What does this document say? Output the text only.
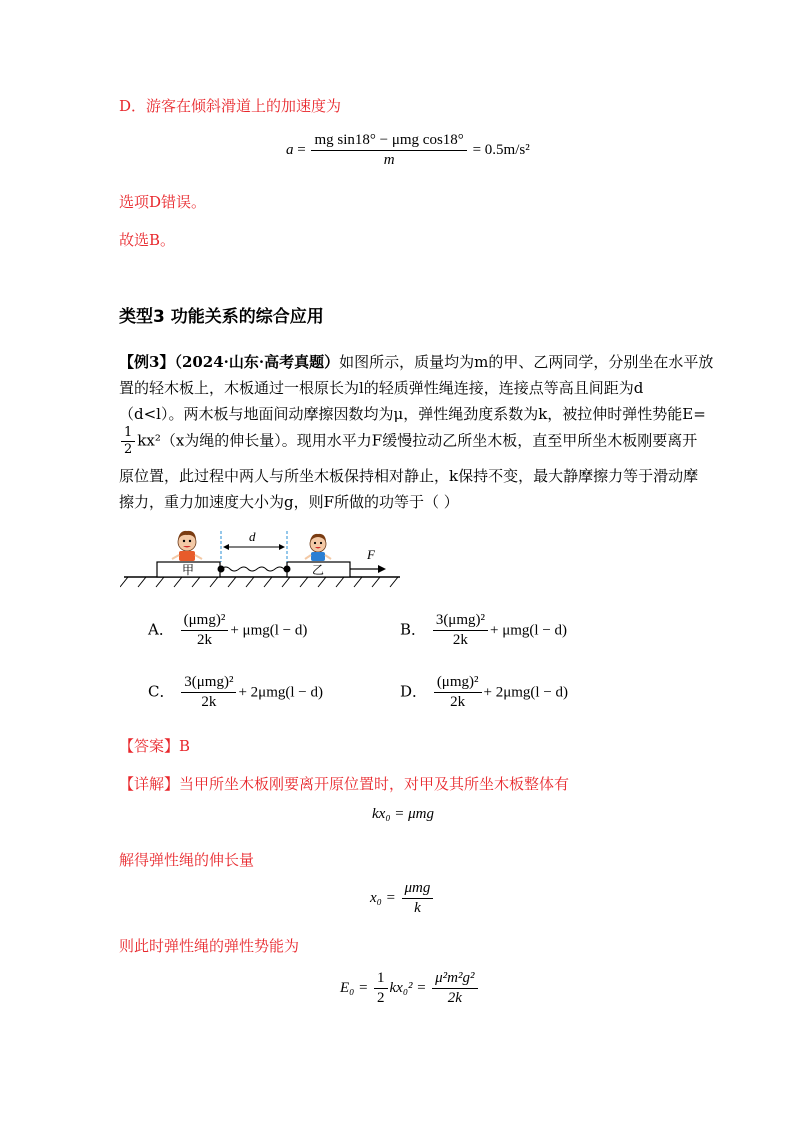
D．游客在倾斜滑道上的加速度为
$a = \frac{\text{mg sin18° − μmg cos18°}}{m} = 0.5m/s^2$
选项D错误。
故选B。
类型3 功能关系的综合应用
【例3】（2024·山东·高考真题）如图所示，质量均为m的甲、乙两同学，分别坐在水平放
置的轻木板上，木板通过一根原长为l的轻质弹性绳连接，连接点等高且间距为d
（d<l）。两木板与地面间动摩擦因数均为μ，弹性绳劲度系数为k，被拉伸时弹性势能E=
$\frac{1}{2} kx^2(x$为绳的伸长量）。现用水平力F缓慢拉动乙所坐木板，直至甲所坐木板刚要离开
原位置，此过程中两人与所坐木板保持相对静止，k保持不变，最大静摩擦力等于滑动摩
擦力，重力加速度大小为g，则F所做的功等于（ ）
甲	乙
d
F
A． $\frac{\text{(μmg)²}}{2k} + \mu mg(l - d)$	B． $\frac{\text{3(μmg)²}}{2k} + \mu mg(l - d)$
C． $\frac{\text{3(μmg)²}}{2k} + 2\mu mg(l - d)$	D． $\frac{\text{(μmg)²}}{2k} + 2\mu mg(l - d)$
【答案】B
【详解】当甲所坐木板刚要离开原位置时，对甲及其所坐木板整体有
kx₀ = μmg
解得弹性绳的伸长量
$x_0 = \frac{\text{μmg}}{k}$
则此时弹性绳的弹性势能为
$E_0 = \frac{1}{2} kx_0^2 = \frac{\text{μ²m²g²}}{2k}$
